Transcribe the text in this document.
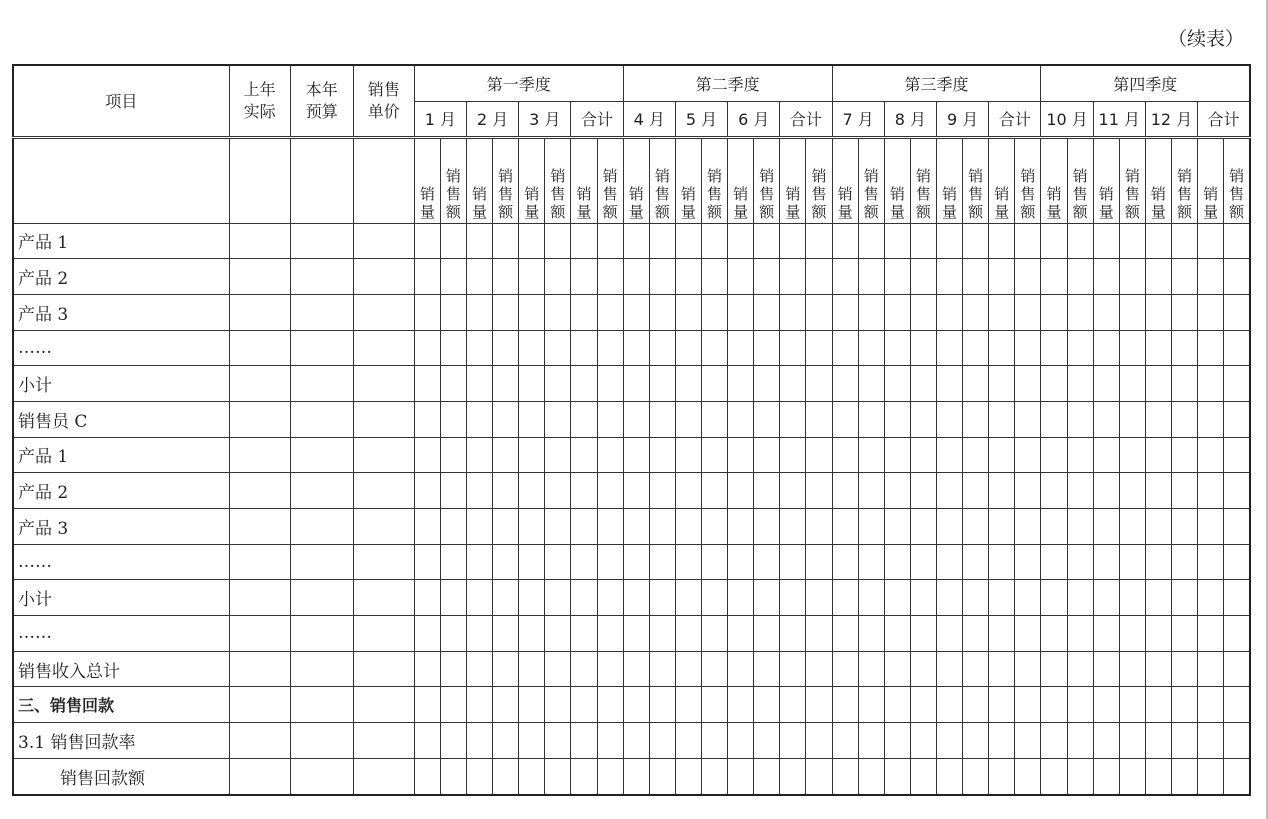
（续表）
项目	上年实际	本年预算	销售单价	第一季度								第二季度								第三季度								第四季度							
				1 月		2 月		3 月		合计		4 月		5 月		6 月		合计		7 月		8 月		9 月		合计		10 月		11 月		12 月		合计	
				销量	销售额	销量	销售额	销量	销售额	销量	销售额	销量	销售额	销量	销售额	销量	销售额	销量	销售额	销量	销售额	销量	销售额	销量	销售额	销量	销售额	销量	销售额	销量	销售额	销量	销售额	销量	销售额
产品 1																																			
产品 2																																			
产品 3																																			
……																																			
小计																																			
销售员 C																																			
产品 1																																			
产品 2																																			
产品 3																																			
……																																			
小计																																			
……																																			
销售收入总计																																			
三、销售回款																																			
3.1 销售回款率																																			
销售回款额																																			
